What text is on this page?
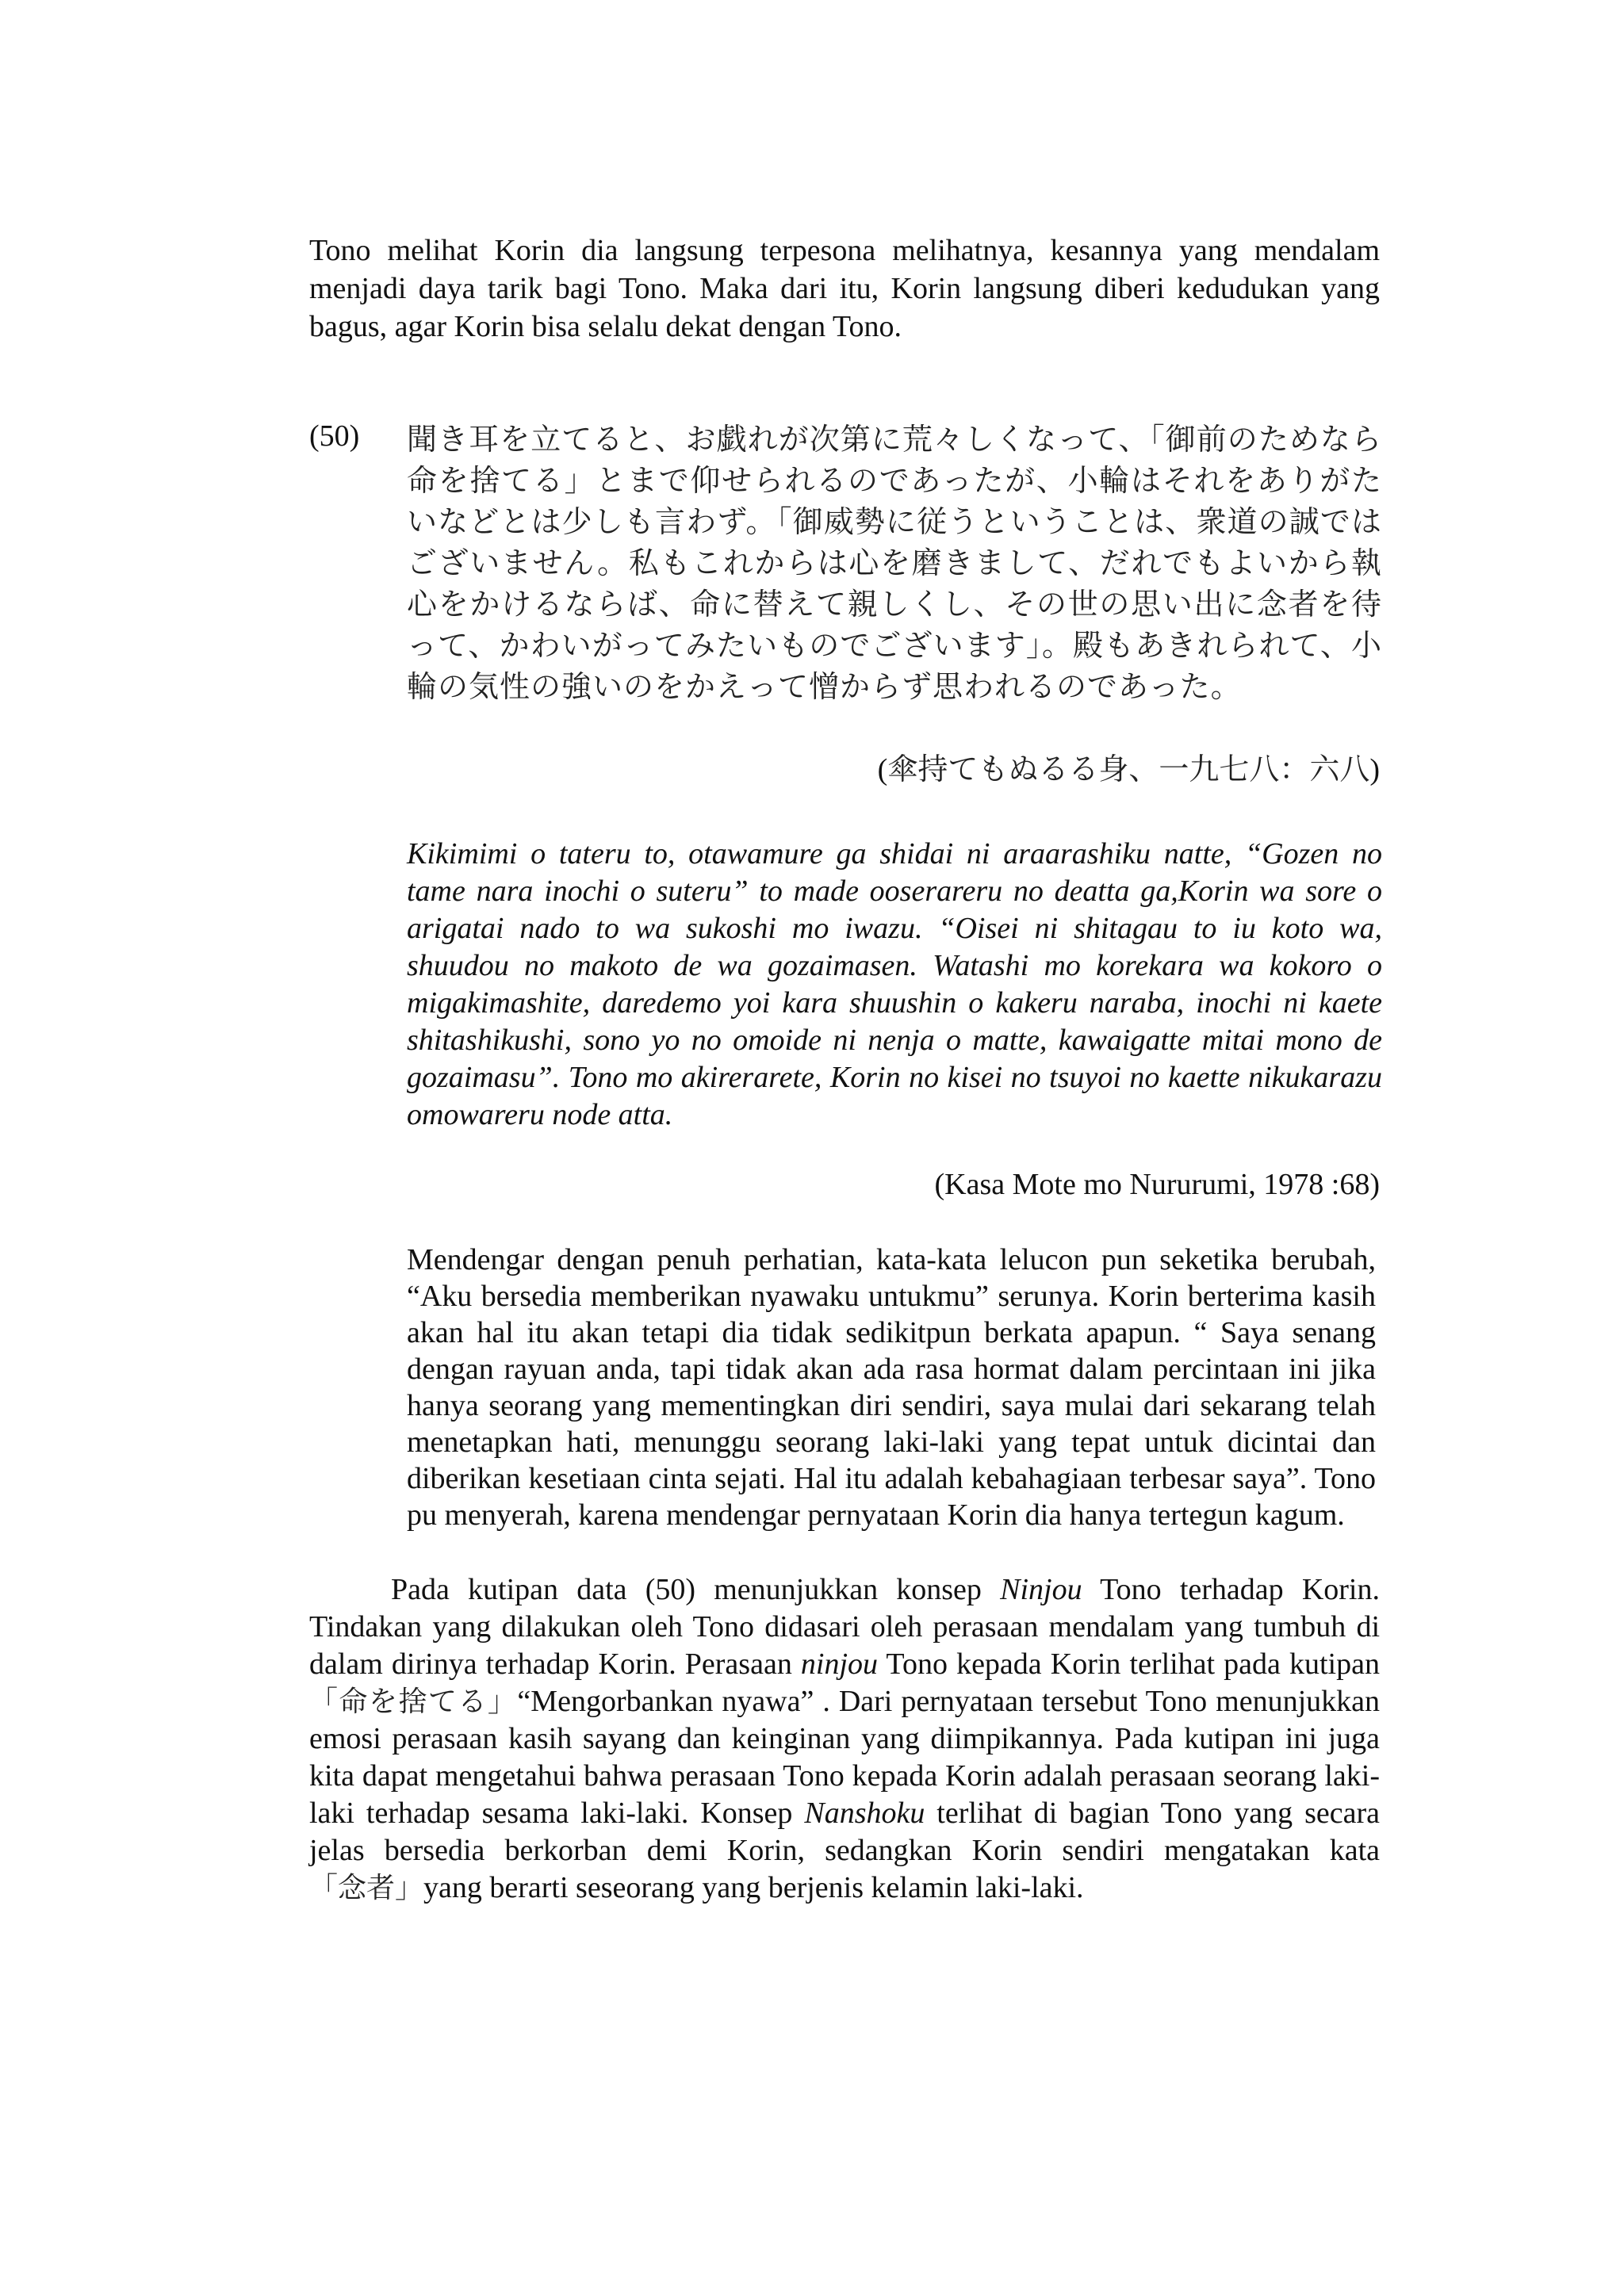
Tono melihat Korin dia langsung terpesona melihatnya, kesannya yang mendalam menjadi daya tarik bagi Tono. Maka dari itu, Korin langsung diberi kedudukan yang bagus, agar Korin bisa selalu dekat dengan Tono.

(50) 聞き耳を立てると、お戯れが次第に荒々しくなって、「御前のためなら命を捨てる」とまで仰せられるのであったが、小輪はそれをありがたいなどとは少しも言わず。「御威勢に従うということは、衆道の誠ではございません。私もこれからは心を磨きまして、だれでもよいから執心をかけるならば、命に替えて親しくし、その世の思い出に念者を待って、かわいがってみたいものでございます」。殿もあきれられて、小輪の気性の強いのをかえって憎からず思われるのであった。

(傘持てもぬるる身、一九七八：六八)

Kikimimi o tateru to, otawamure ga shidai ni araarashiku natte, “Gozen no tame nara inochi o suteru” to made ooserareru no deatta ga,Korin wa sore o arigatai nado to wa sukoshi mo iwazu. “Oisei ni shitagau to iu koto wa, shuudou no makoto de wa gozaimasen. Watashi mo korekara wa kokoro o migakimashite, daredemo yoi kara shuushin o kakeru naraba, inochi ni kaete shitashikushi, sono yo no omoide ni nenja o matte, kawaigatte mitai mono de gozaimasu”. Tono mo akirerarete, Korin no kisei no tsuyoi no kaette nikukarazu omowareru node atta.

(Kasa Mote mo Nururumi, 1978 :68)

Mendengar dengan penuh perhatian, kata-kata lelucon pun seketika berubah, “Aku bersedia memberikan nyawaku untukmu” serunya. Korin berterima kasih akan hal itu akan tetapi dia tidak sedikitpun berkata apapun. “ Saya senang dengan rayuan anda, tapi tidak akan ada rasa hormat dalam percintaan ini jika hanya seorang yang mementingkan diri sendiri, saya mulai dari sekarang telah menetapkan hati, menunggu seorang laki-laki yang tepat untuk dicintai dan diberikan kesetiaan cinta sejati. Hal itu adalah kebahagiaan terbesar saya”. Tono pu menyerah, karena mendengar pernyataan Korin dia hanya tertegun kagum.

Pada kutipan data (50) menunjukkan konsep Ninjou Tono terhadap Korin. Tindakan yang dilakukan oleh Tono didasari oleh perasaan mendalam yang tumbuh di dalam dirinya terhadap Korin. Perasaan ninjou Tono kepada Korin terlihat pada kutipan 「命を捨てる」“Mengorbankan nyawa” . Dari pernyataan tersebut Tono menunjukkan emosi perasaan kasih sayang dan keinginan yang diimpikannya. Pada kutipan ini juga kita dapat mengetahui bahwa perasaan Tono kepada Korin adalah perasaan seorang laki-laki terhadap sesama laki-laki. Konsep Nanshoku terlihat di bagian Tono yang secara jelas bersedia berkorban demi Korin, sedangkan Korin sendiri mengatakan kata 「念者」yang berarti seseorang yang berjenis kelamin laki-laki.
